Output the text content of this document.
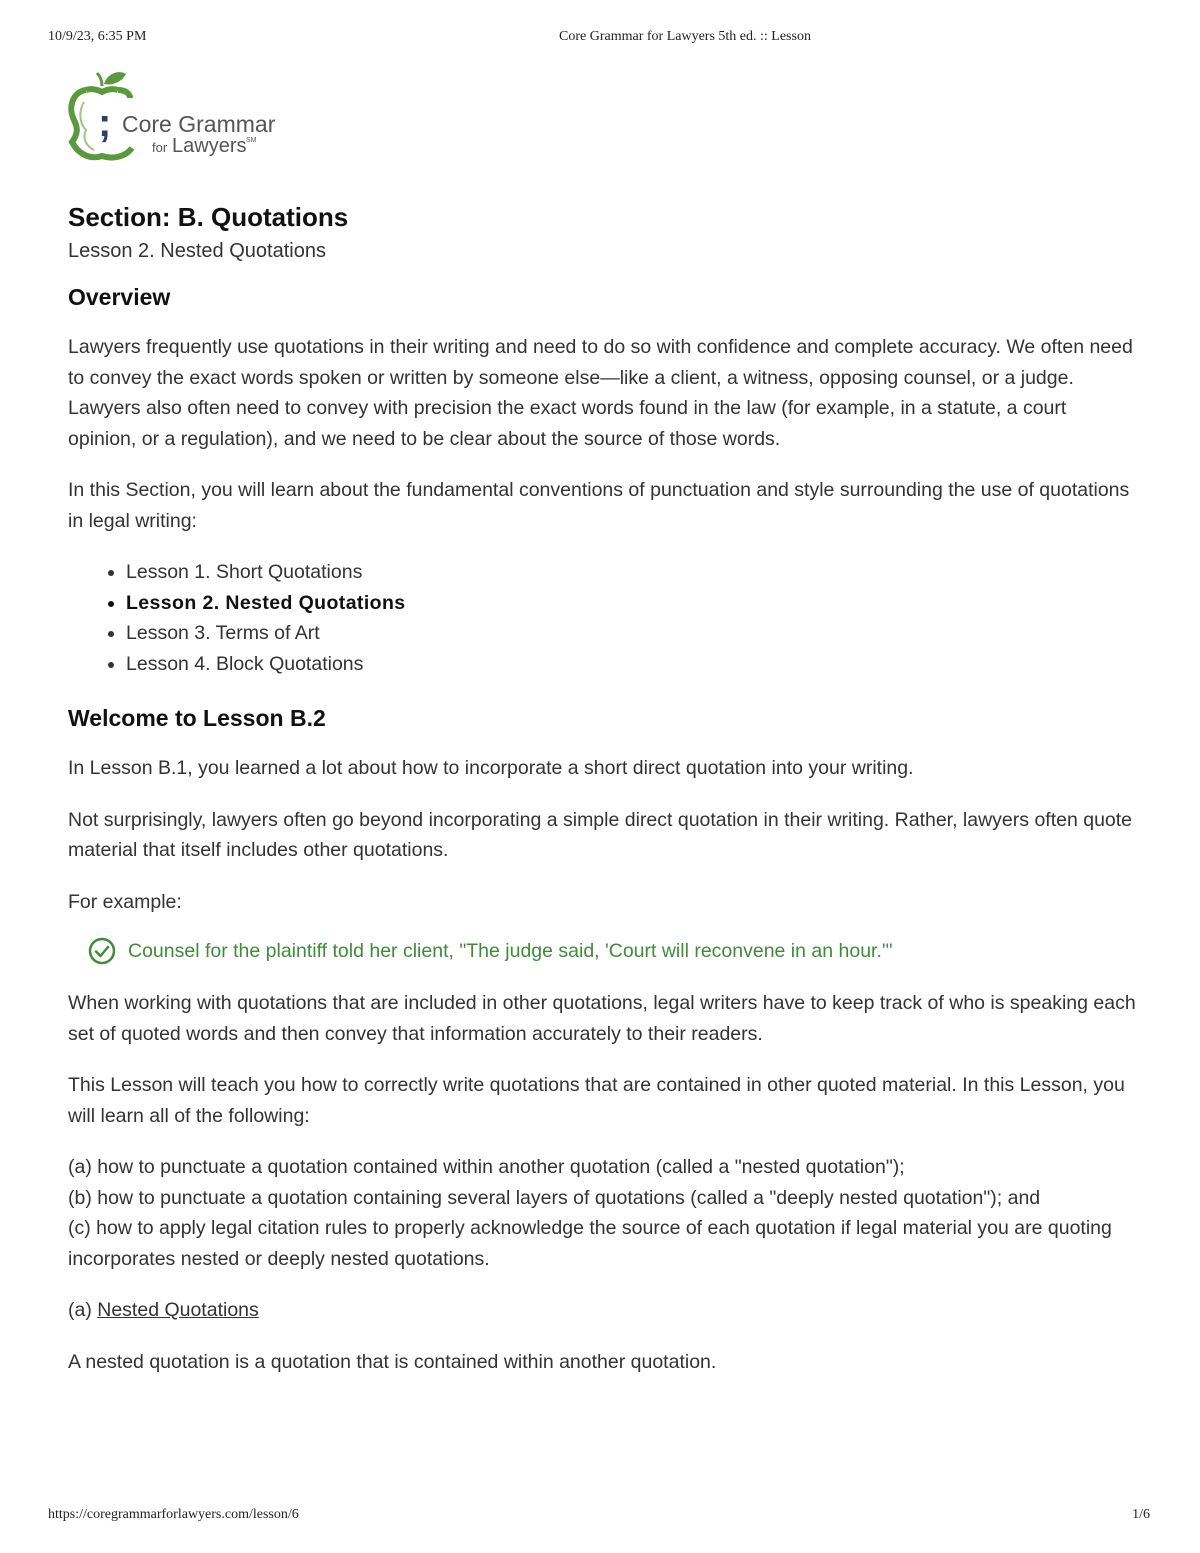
10/9/23, 6:35 PM	Core Grammar for Lawyers 5th ed. :: Lesson
; Core Grammar
for Lawyers SM
Section: B. Quotations
Lesson 2. Nested Quotations
Overview

Lawyers frequently use quotations in their writing and need to do so with confidence and complete accuracy. We often need to convey the exact words spoken or written by someone else—like a client, a witness, opposing counsel, or a judge. Lawyers also often need to convey with precision the exact words found in the law (for example, in a statute, a court opinion, or a regulation), and we need to be clear about the source of those words.

In this Section, you will learn about the fundamental conventions of punctuation and style surrounding the use of quotations in legal writing:

• Lesson 1. Short Quotations
• Lesson 2. Nested Quotations
• Lesson 3. Terms of Art
• Lesson 4. Block Quotations
Welcome to Lesson B.2

In Lesson B.1, you learned a lot about how to incorporate a short direct quotation into your writing.

Not surprisingly, lawyers often go beyond incorporating a simple direct quotation in their writing. Rather, lawyers often quote material that itself includes other quotations.

For example:

Counsel for the plaintiff told her client, "The judge said, 'Court will reconvene in an hour.'"

When working with quotations that are included in other quotations, legal writers have to keep track of who is speaking each set of quoted words and then convey that information accurately to their readers.

This Lesson will teach you how to correctly write quotations that are contained in other quoted material. In this Lesson, you will learn all of the following:

(a) how to punctuate a quotation contained within another quotation (called a "nested quotation");

(b) how to punctuate a quotation containing several layers of quotations (called a "deeply nested quotation"); and

(c) how to apply legal citation rules to properly acknowledge the source of each quotation if legal material you are quoting incorporates nested or deeply nested quotations.

(a) Nested Quotations

A nested quotation is a quotation that is contained within another quotation.

https://coregrammarforlawyers.com/lesson/6	1/6
